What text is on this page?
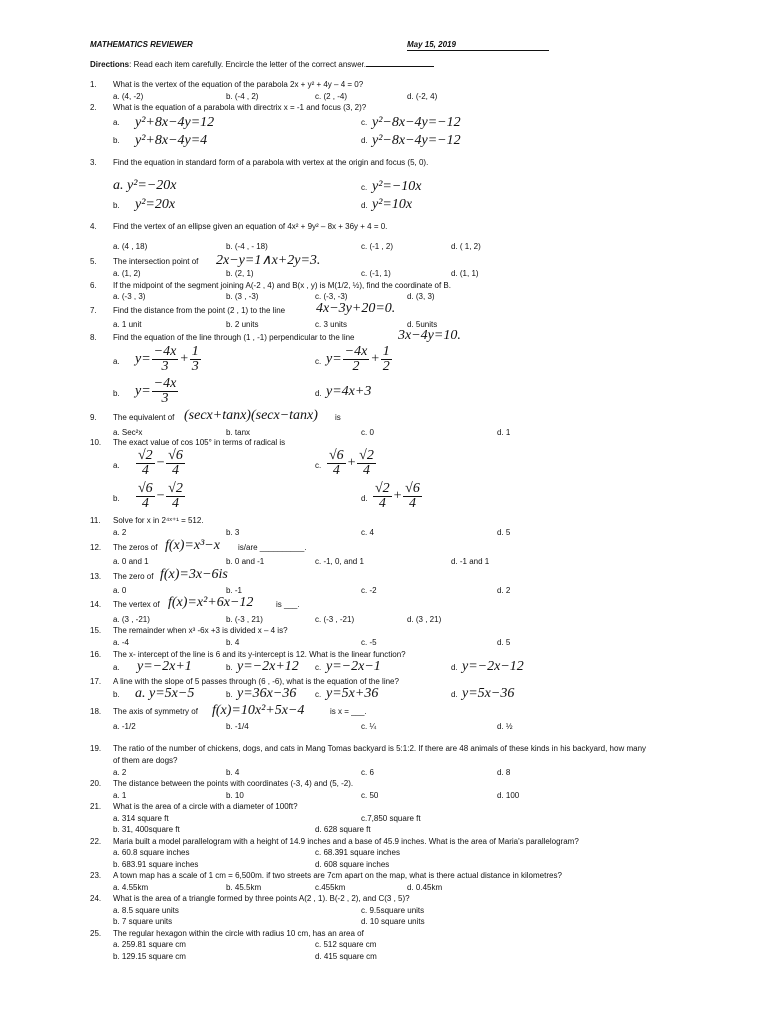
MATHEMATICS REVIEWER	May 15, 2019
Directions: Read each item carefully. Encircle the letter of the correct answer.
1. What is the vertex of the equation of the parabola 2x + y² + 4y – 4 = 0?
a. (4, -2)	b. (-4 , 2)	c. (2 , -4)	d. (-2, 4)
2. What is the equation of a parabola with directrix x = -1 and focus (3, 2)?
a. y²+8x−4y=12	c. y²−8x−4y=−12
b. y²+8x−4y=4	d. y²−8x−4y=−12
3. Find the equation in standard form of a parabola with vertex at the origin and focus (5, 0).
a. y²=−20x	c. y²=−10x
b. y²=20x	d. y²=10x
4. Find the vertex of an ellipse given an equation of 4x² + 9y² – 8x + 36y + 4 = 0.
a. (4 , 18)	b. (-4 , - 18)	c. (-1 , 2)	d. ( 1, 2)
5. The intersection point of 2x−y=1∧x+2y=3.
a. (1, 2)	b. (2, 1)	c. (-1, 1)	d. (1, 1)
6. If the midpoint of the segment joining A(-2 , 4) and B(x , y) is M(1/2, ½), find the coordinate of B.
a. (-3 , 3)	b. (3 , -3)	c. (-3, -3)	d. (3, 3)
7. Find the distance from the point (2 , 1) to the line 4x−3y+20=0.
a. 1 unit	b. 2 units	c. 3 units	d. 5units
8. Find the equation of the line through (1 , -1) perpendicular to the line	3x−4y=10.
a. $y= \frac{-4x}{3} + \frac{1}{3}$	c. $y= \frac{-4x}{2} + \frac{1}{2}$
b. $y= \frac{-4x}{3}$	d. y=4x+3
9. The equivalent of (secx+tanx)(secx−tanx) is
a. Sec²x	b. tanx	c. 0	d. 1
10. The exact value of cos 105° in terms of radical is
a. $\frac{√2}{4} - \frac{√6}{4}$	c. $\frac{√6}{4} + \frac{√2}{4}$
b. $\frac{√6}{4} - \frac{√2}{4}$	d. $\frac{√2}{4} + \frac{√6}{4}$
11. Solve for x in 2⁴ˣ⁺¹ = 512.
a. 2	b. 3	c. 4	d. 5
12. The zeros of f(x)=x³−x is/are __________.
a. 0 and 1	b. 0 and -1	c. -1, 0, and 1	d. -1 and 1
13. The zero of f(x)=3x−6is
a. 0	b. -1	c. -2	d. 2
14. The vertex of f(x)=x²+6x−12	is ___.
a. (3 , -21)	b. (-3 , 21)	c. (-3 , -21)	d. (3 , 21)
15. The remainder when x³ -6x +3 is divided x – 4 is?
a. -4	b. 4	c. -5	d. 5
16. The x- intercept of the line is 6 and its y-intercept is 12. What is the linear function?
a. y=−2x+1	b. y=−2x+12 c. y=−2x−1	d. y=−2x−12
17. A line with the slope of 5 passes through (6 , -6), what is the equation of the line?
b. a. y=5x−5	b. y=36x−36 c. y=5x+36	d. y=5x−36
18. The axis of symmetry of f(x)=10x²+5x−4	is x = ___.
a. -1/2	b. -1/4	c. ¼	d. ½
19. The ratio of the number of chickens, dogs, and cats in Mang Tomas backyard is 5:1:2. If there are 48 animals of these kinds in his backyard, how many
of them are dogs?
a. 2	b. 4	c. 6	d. 8
20. The distance between the points with coordinates (-3, 4) and (5, -2).
a. 1	b. 10	c. 50	d. 100
21. What is the area of a circle with a diameter of 100ft?
a. 314 square ft	c.7,850 square ft
b. 31, 400square ft	d. 628 square ft
22. Maria built a model parallelogram with a height of 14.9 inches and a base of 45.9 inches. What is the area of Maria's parallelogram?
a. 60.8 square inches	c. 68.391 square inches
b. 683.91 square inches	d. 608 square inches
23. A town map has a scale of 1 cm = 6,500m. if two streets are 7cm apart on the map, what is there actual distance in kilometres?
a. 4.55km	b. 45.5km	c.455km	d. 0.45km
24. What is the area of a triangle formed by three points A(2 , 1). B(-2 , 2), and C(3 , 5)?
a. 8.5 square units	c. 9.5square units
b. 7 square units	d. 10 square units
25. The regular hexagon within the circle with radius 10 cm, has an area of
a. 259.81 square cm	c. 512 square cm
b. 129.15 square cm	d. 415 square cm
